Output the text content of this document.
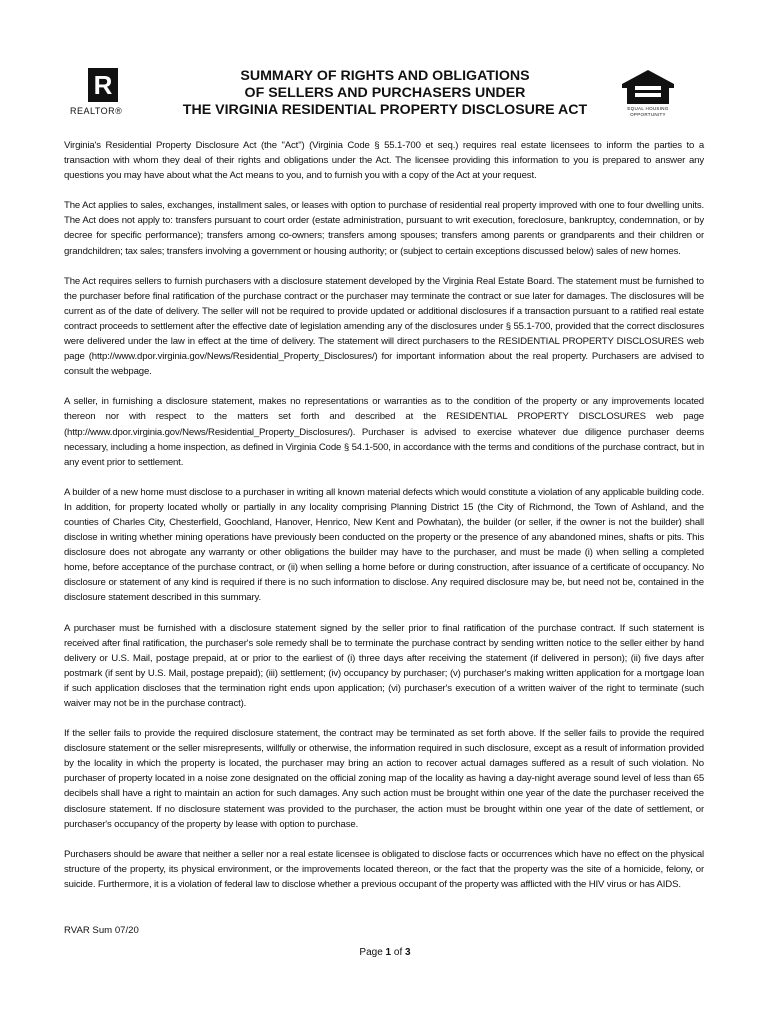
R
REALTOR®
SUMMARY OF RIGHTS AND OBLIGATIONS
OF SELLERS AND PURCHASERS UNDER
THE VIRGINIA RESIDENTIAL PROPERTY DISCLOSURE ACT	EQUAL HOUSING
OPPORTUNITY

Virginia's Residential Property Disclosure Act (the "Act") (Virginia Code § 55.1-700 et seq.) requires real estate licensees to inform the parties to a transaction with whom they deal of their rights and obligations under the Act. The licensee providing this information to you is prepared to answer any questions you may have about what the Act means to you, and to furnish you with a copy of the Act at your request.

The Act applies to sales, exchanges, installment sales, or leases with option to purchase of residential real property improved with one to four dwelling units. The Act does not apply to: transfers pursuant to court order (estate administration, pursuant to writ execution, foreclosure, bankruptcy, condemnation, or by decree for specific performance); transfers among co-owners; transfers among spouses; transfers among parents or grandparents and their children or grandchildren; tax sales; transfers involving a government or housing authority; or (subject to certain exceptions discussed below) sales of new homes.

The Act requires sellers to furnish purchasers with a disclosure statement developed by the Virginia Real Estate Board. The statement must be furnished to the purchaser before final ratification of the purchase contract or the purchaser may terminate the contract or sue later for damages. The disclosures will be current as of the date of delivery. The seller will not be required to provide updated or additional disclosures if a transaction pursuant to a ratified real estate contract proceeds to settlement after the effective date of legislation amending any of the disclosures under § 55.1-700, provided that the correct disclosures were delivered under the law in effect at the time of delivery. The statement will direct purchasers to the RESIDENTIAL PROPERTY DISCLOSURES web page (http://www.dpor.virginia.gov/News/Residential_Property_Disclosures/) for important information about the real property. Purchasers are advised to consult the webpage.

A seller, in furnishing a disclosure statement, makes no representations or warranties as to the condition of the property or any improvements located thereon nor with respect to the matters set forth and described at the RESIDENTIAL PROPERTY DISCLOSURES web page (http://www.dpor.virginia.gov/News/Residential_Property_Disclosures/). Purchaser is advised to exercise whatever due diligence purchaser deems necessary, including a home inspection, as defined in Virginia Code § 54.1-500, in accordance with the terms and conditions of the purchase contract, but in any event prior to settlement.

A builder of a new home must disclose to a purchaser in writing all known material defects which would constitute a violation of any applicable building code. In addition, for property located wholly or partially in any locality comprising Planning District 15 (the City of Richmond, the Town of Ashland, and the counties of Charles City, Chesterfield, Goochland, Hanover, Henrico, New Kent and Powhatan), the builder (or seller, if the owner is not the builder) shall disclose in writing whether mining operations have previously been conducted on the property or the presence of any abandoned mines, shafts or pits. This disclosure does not abrogate any warranty or other obligations the builder may have to the purchaser, and must be made (i) when selling a completed home, before acceptance of the purchase contract, or (ii) when selling a home before or during construction, after issuance of a certificate of occupancy. No disclosure or statement of any kind is required if there is no such information to disclose. Any required disclosure may be, but need not be, contained in the disclosure statement described in this summary.

A purchaser must be furnished with a disclosure statement signed by the seller prior to final ratification of the purchase contract. If such statement is received after final ratification, the purchaser's sole remedy shall be to terminate the purchase contract by sending written notice to the seller either by hand delivery or U.S. Mail, postage prepaid, at or prior to the earliest of (i) three days after receiving the statement (if delivered in person); (ii) five days after postmark (if sent by U.S. Mail, postage prepaid); (iii) settlement; (iv) occupancy by purchaser; (v) purchaser's making written application for a mortgage loan if such application discloses that the termination right ends upon application; (vi) purchaser's execution of a written waiver of the right to terminate (such waiver may not be in the purchase contract).

If the seller fails to provide the required disclosure statement, the contract may be terminated as set forth above. If the seller fails to provide the required disclosure statement or the seller misrepresents, willfully or otherwise, the information required in such disclosure, except as a result of information provided by the locality in which the property is located, the purchaser may bring an action to recover actual damages suffered as a result of such violation. No purchaser of property located in a noise zone designated on the official zoning map of the locality as having a day-night average sound level of less than 65 decibels shall have a right to maintain an action for such damages. Any such action must be brought within one year of the date the purchaser received the disclosure statement. If no disclosure statement was provided to the purchaser, the action must be brought within one year of the date of settlement, or purchaser's occupancy of the property by lease with option to purchase.

Purchasers should be aware that neither a seller nor a real estate licensee is obligated to disclose facts or occurrences which have no effect on the physical structure of the property, its physical environment, or the improvements located thereon, or the fact that the property was the site of a homicide, felony, or suicide. Furthermore, it is a violation of federal law to disclose whether a previous occupant of the property was afflicted with the HIV virus or has AIDS.

RVAR Sum 07/20
Page 1 of 3
